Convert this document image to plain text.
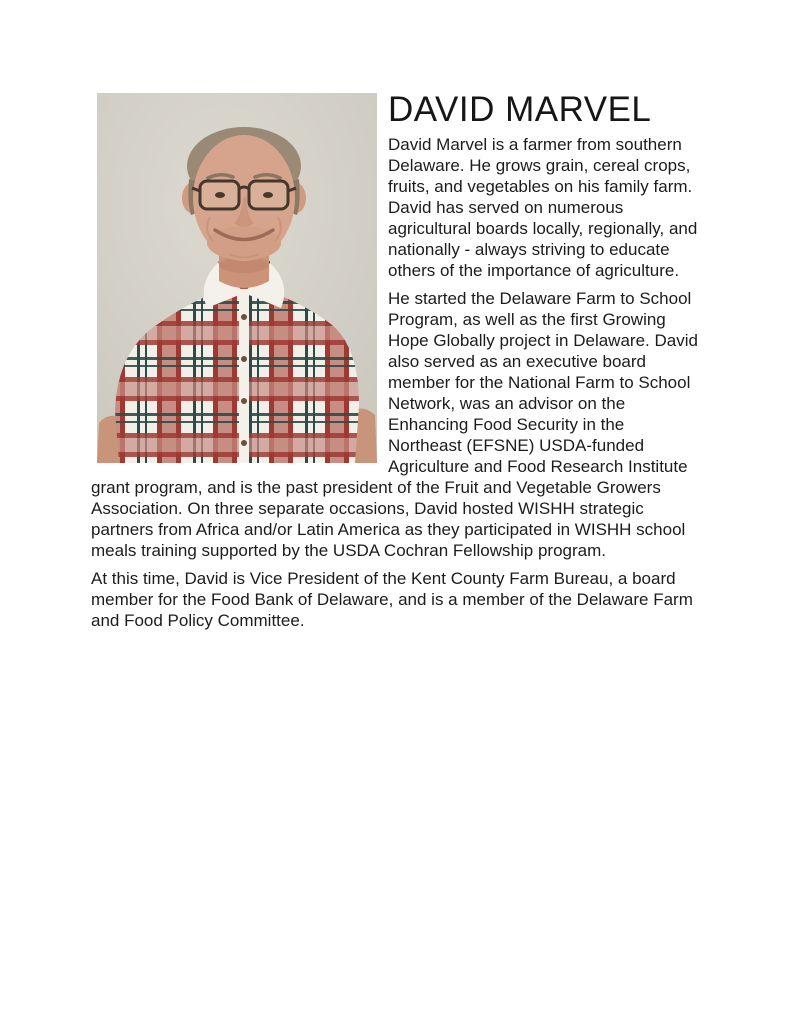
DAVID MARVEL

David Marvel is a farmer from southern Delaware. He grows grain, cereal crops, fruits, and vegetables on his family farm. David has served on numerous agricultural boards locally, regionally, and nationally - always striving to educate others of the importance of agriculture.

He started the Delaware Farm to School Program, as well as the first Growing Hope Globally project in Delaware. David also served as an executive board member for the National Farm to School Network, was an advisor on the Enhancing Food Security in the Northeast (EFSNE) USDA-funded Agriculture and Food Research Institute grant program, and is the past president of the Fruit and Vegetable Growers Association. On three separate occasions, David hosted WISHH strategic partners from Africa and/or Latin America as they participated in WISHH school meals training supported by the USDA Cochran Fellowship program.

At this time, David is Vice President of the Kent County Farm Bureau, a board member for the Food Bank of Delaware, and is a member of the Delaware Farm and Food Policy Committee.
